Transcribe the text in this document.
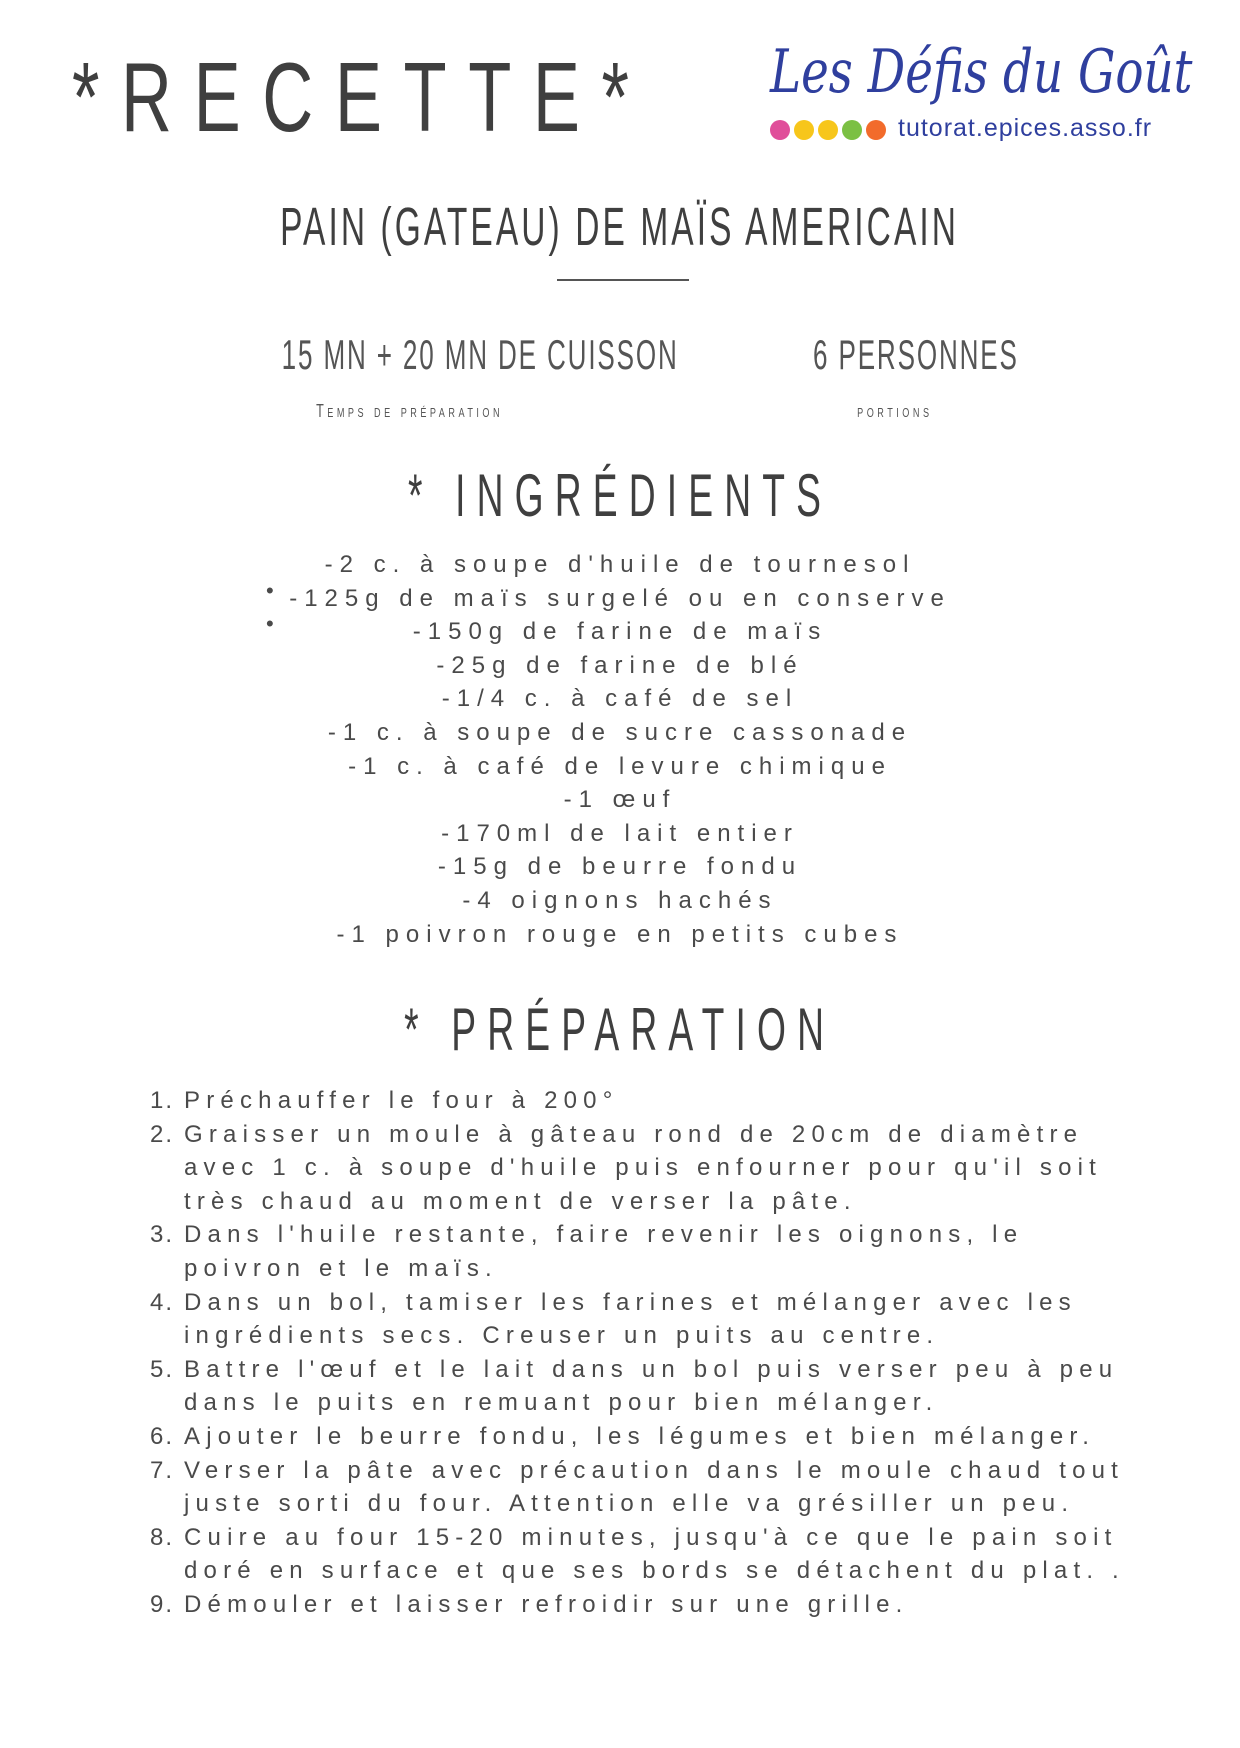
*RECETTE* Les Défis du Goût
tutorat.epices.asso.fr
PAIN (GATEAU) DE MAÏS AMERICAIN
15 MN + 20 MN DE CUISSON
Temps de préparation
6 PERSONNES
portions
* INGRÉDIENTS
•
•
-2 c. à soupe d'huile de tournesol
-125g de maïs surgelé ou en conserve
-150g de farine de maïs
-25g de farine de blé
-1/4 c. à café de sel
-1 c. à soupe de sucre cassonade
-1 c. à café de levure chimique
-1 œuf
-170ml de lait entier
-15g de beurre fondu
-4 oignons hachés
-1 poivron rouge en petits cubes
* PRÉPARATION
1. Préchauffer le four à 200°
2. Graisser un moule à gâteau rond de 20cm de diamètre avec 1 c. à soupe d'huile puis enfourner pour qu'il soit très chaud au moment de verser la pâte.
3. Dans l'huile restante, faire revenir les oignons, le poivron et le maïs.
4. Dans un bol, tamiser les farines et mélanger avec les ingrédients secs. Creuser un puits au centre.
5. Battre l'œuf et le lait dans un bol puis verser peu à peu dans le puits en remuant pour bien mélanger.
6. Ajouter le beurre fondu, les légumes et bien mélanger.
7. Verser la pâte avec précaution dans le moule chaud tout juste sorti du four. Attention elle va grésiller un peu.
8. Cuire au four 15-20 minutes, jusqu'à ce que le pain soit doré en surface et que ses bords se détachent du plat. .
9. Démouler et laisser refroidir sur une grille.
